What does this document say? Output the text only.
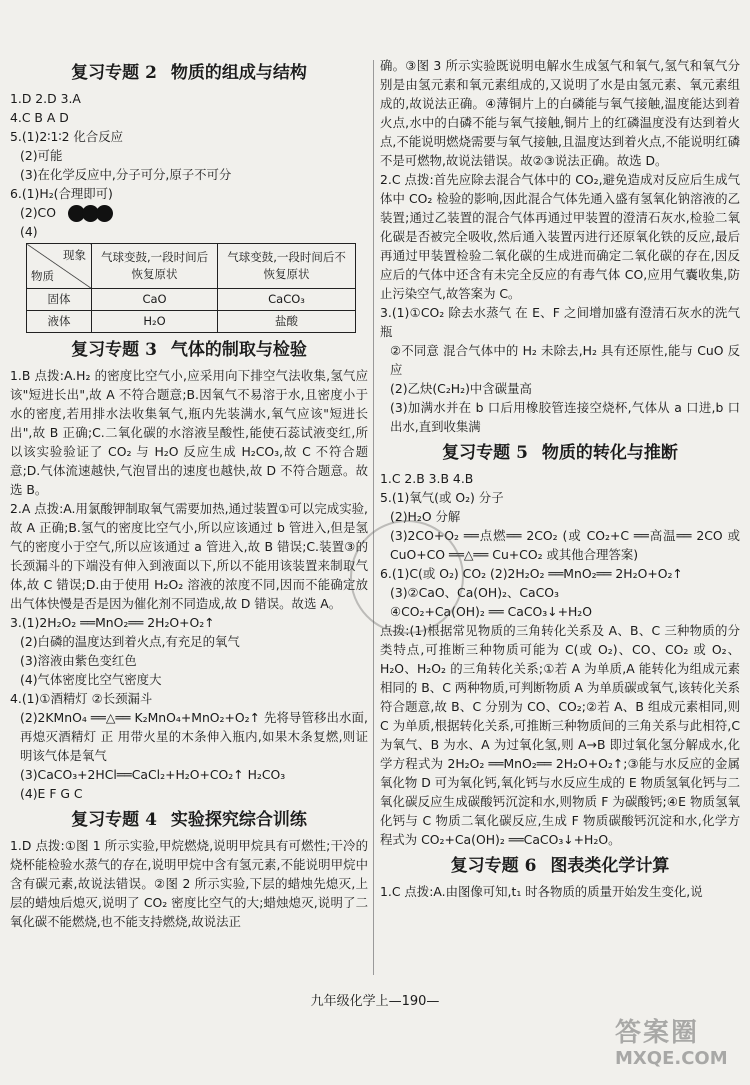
复习专题 2 物质的组成与结构

1.D 2.D 3.A

4.C B A D

5.(1)2∶1∶2 化合反应

(2)可能

(3)在化学反应中,分子可分,原子不可分

6.(1)H₂(合理即可)

(2)CO

(4)

现象
物质	气球变鼓,一段时间后恢复原状	气球变鼓,一段时间后不恢复原状
固体	CaO	CaCO₃
液体	H₂O	盐酸
复习专题 3 气体的制取与检验

1.B 点拨:A.H₂ 的密度比空气小,应采用向下排空气法收集,氢气应该"短进长出",故 A 不符合题意;B.因氧气不易溶于水,且密度小于水的密度,若用排水法收集氧气,瓶内先装满水,氧气应该"短进长出",故 B 正确;C.二氧化碳的水溶液呈酸性,能使石蕊试液变红,所以该实验验证了 CO₂ 与 H₂O 反应生成 H₂CO₃,故 C 不符合题意;D.气体流速越快,气泡冒出的速度也越快,故 D 不符合题意。故选 B。

2.A 点拨:A.用氯酸钾制取氧气需要加热,通过装置①可以完成实验,故 A 正确;B.氢气的密度比空气小,所以应该通过 b 管进入,但是氢气的密度小于空气,所以应该通过 a 管进入,故 B 错误;C.装置③的长颈漏斗的下端没有伸入到液面以下,所以不能用该装置来制取气体,故 C 错误;D.由于使用 H₂O₂ 溶液的浓度不同,因而不能确定放出气体快慢是否是因为催化剂不同造成,故 D 错误。故选 A。

3.(1)2H₂O₂ ══MnO₂══ 2H₂O+O₂↑

(2)白磷的温度达到着火点,有充足的氧气

(3)溶液由紫色变红色

(4)气体密度比空气密度大

4.(1)①酒精灯 ②长颈漏斗

(2)2KMnO₄ ══△══ K₂MnO₄+MnO₂+O₂↑ 先将导管移出水面,再熄灭酒精灯 正 用带火星的木条伸入瓶内,如果木条复燃,则证明该气体是氧气

(3)CaCO₃+2HCl══CaCl₂+H₂O+CO₂↑ H₂CO₃

(4)E F G C

复习专题 4 实验探究综合训练

1.D 点拨:①图 1 所示实验,甲烷燃烧,说明甲烷具有可燃性;干冷的烧杯能检验水蒸气的存在,说明甲烷中含有氢元素,不能说明甲烷中含有碳元素,故说法错误。②图 2 所示实验,下层的蜡烛先熄灭,上层的蜡烛后熄灭,说明了 CO₂ 密度比空气的大;蜡烛熄灭,说明了二氧化碳不能燃烧,也不能支持燃烧,故说法正

确。③图 3 所示实验既说明电解水生成氢气和氧气,氢气和氧气分别是由氢元素和氧元素组成的,又说明了水是由氢元素、氧元素组成的,故说法正确。④薄铜片上的白磷能与氧气接触,温度能达到着火点,水中的白磷不能与氧气接触,铜片上的红磷温度没有达到着火点,不能说明燃烧需要与氧气接触,且温度达到着火点,不能说明红磷不是可燃物,故说法错误。故②③说法正确。故选 D。

2.C 点拨:首先应除去混合气体中的 CO₂,避免造成对反应后生成气体中 CO₂ 检验的影响,因此混合气体先通入盛有氢氧化钠溶液的乙装置;通过乙装置的混合气体再通过甲装置的澄清石灰水,检验二氧化碳是否被完全吸收,然后通入装置丙进行还原氧化铁的反应,最后再通过甲装置检验二氧化碳的生成进而确定二氧化碳的存在,因反应后的气体中还含有未完全反应的有毒气体 CO,应用气囊收集,防止污染空气,故答案为 C。

3.(1)①CO₂ 除去水蒸气 在 E、F 之间增加盛有澄清石灰水的洗气瓶

②不同意 混合气体中的 H₂ 未除去,H₂ 具有还原性,能与 CuO 反应

(2)乙炔(C₂H₂)中含碳量高

(3)加满水并在 b 口后用橡胶管连接空烧杯,气体从 a 口进,b 口出水,直到收集满

复习专题 5 物质的转化与推断

1.C 2.B 3.B 4.B

5.(1)氧气(或 O₂) 分子

(2)H₂O 分解

(3)2CO+O₂ ══点燃══ 2CO₂ (或 CO₂+C ══高温══ 2CO 或 CuO+CO ══△══ Cu+CO₂ 或其他合理答案)

6.(1)C(或 O₂) CO₂ (2)2H₂O₂ ══MnO₂══ 2H₂O+O₂↑

(3)②CaO、Ca(OH)₂、CaCO₃

④CO₂+Ca(OH)₂ ══ CaCO₃↓+H₂O

点拨:(1)根据常见物质的三角转化关系及 A、B、C 三种物质的分类特点,可推断三种物质可能为 C(或 O₂)、CO、CO₂ 或 O₂、H₂O、H₂O₂ 的三角转化关系;①若 A 为单质,A 能转化为组成元素相同的 B、C 两种物质,可判断物质 A 为单质碳或氧气,该转化关系符合题意,故 B、C 分别为 CO、CO₂;②若 A、B 组成元素相同,则 C 为单质,根据转化关系,可推断三种物质间的三角关系与此相符,C 为氧气、B 为水、A 为过氧化氢,则 A→B 即过氧化氢分解成水,化学方程式为 2H₂O₂ ══MnO₂══ 2H₂O+O₂↑;③能与水反应的金属氧化物 D 可为氧化钙,氧化钙与水反应生成的 E 物质氢氧化钙与二氧化碳反应生成碳酸钙沉淀和水,则物质 F 为碳酸钙;④E 物质氢氧化钙与 C 物质二氧化碳反应,生成 F 物质碳酸钙沉淀和水,化学方程式为 CO₂+Ca(OH)₂ ══CaCO₃↓+H₂O。

复习专题 6 图表类化学计算

1.C 点拨:A.由图像可知,t₁ 时各物质的质量开始发生变化,说

九年级化学上—190—
答案圈
MXQE.COM
